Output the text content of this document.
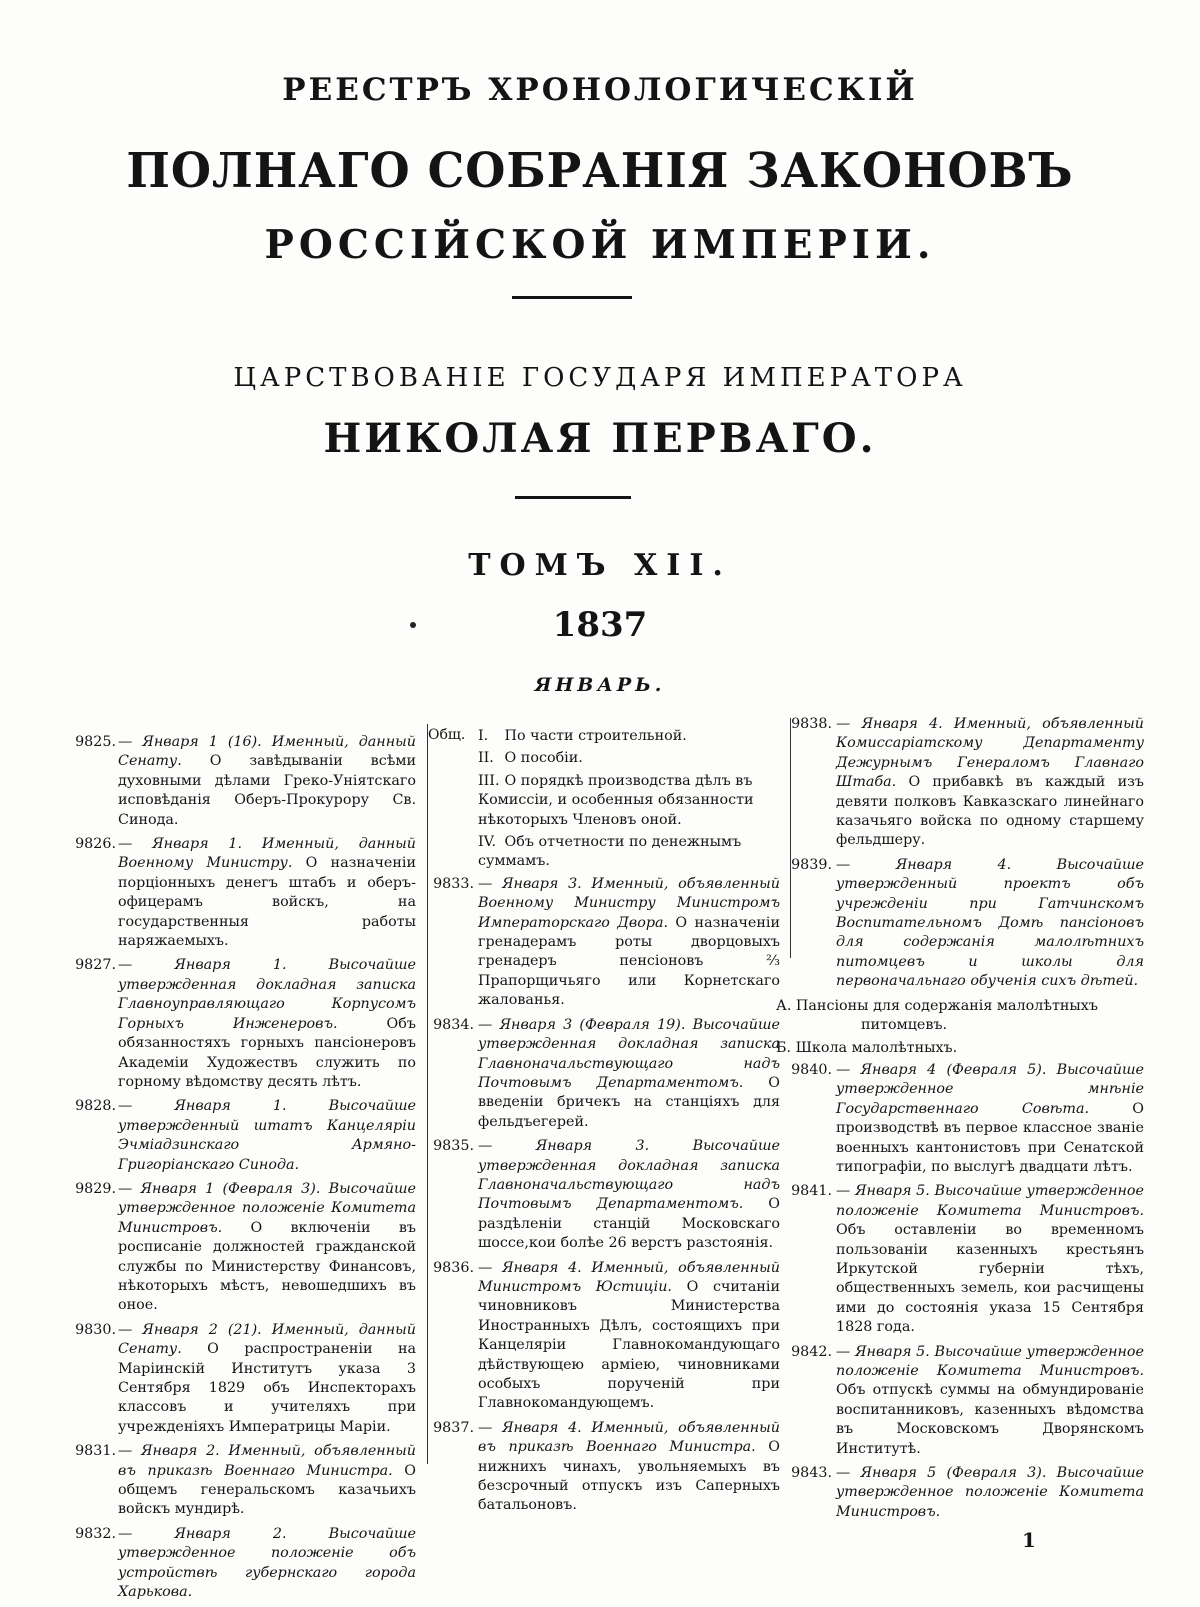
РЕЕСТРЪ ХРОНОЛОГИЧЕСКІЙ
ПОЛНАГО СОБРАНІЯ ЗАКОНОВЪ
РОССІЙСКОЙ ИМПЕРІИ.
ЦАРСТВОВАНІЕ ГОСУДАРЯ ИМПЕРАТОРА
НИКОЛАЯ ПЕРВАГО.
ТОМЪ XII.
1837
ЯНВАРЬ.
Общ.
9825. — Января 1 (16). Именный, данный Сенату. О завѣдываніи всѣми духовными дѣлами Греко-Уніятскаго исповѣданія Оберъ-Прокурору Св. Синода.
9826. — Января 1. Именный, данный Военному Министру. О назначеніи порціонныхъ денегъ штабъ и оберъ-офицерамъ войскъ, на государственныя работы наряжаемыхъ.
9827. — Января 1. Высочайше утвержденная докладная записка Главноуправляющаго Корпусомъ Горныхъ Инженеровъ. Объ обязанностяхъ горныхъ пансіонеровъ Академіи Художествъ служить по горному вѣдомству десять лѣтъ.
9828. — Января 1. Высочайше утвержденный штатъ Канцеляріи Эчміадзинскаго Армяно-Григоріанскаго Синода.
9829. — Января 1 (Февраля 3). Высочайше утвержденное положеніе Комитета Министровъ. О включеніи въ росписаніе должностей гражданской службы по Министерству Финансовъ, нѣкоторыхъ мѣстъ, невошедшихъ въ оное.
9830. — Января 2 (21). Именный, данный Сенату. О распространеніи на Маріинскій Институтъ указа 3 Сентября 1829 объ Инспекторахъ классовъ и учителяхъ при учрежденіяхъ Императрицы Маріи.
9831. — Января 2. Именный, объявленный въ приказѣ Военнаго Министра. О общемъ генеральскомъ казачьихъ войскъ мундирѣ.
9832. — Января 2. Высочайше утвержденное положеніе объ устройствѣ губернскаго города Харькова.
I. По части строительной.
II. О пособіи.
III. О порядкѣ производства дѣлъ въ Комиссіи, и особенныя обязанности нѣкоторыхъ Членовъ оной.
IV. Объ отчетности по денежнымъ суммамъ.
9833. — Января 3. Именный, объявленный Военному Министру Министромъ Императорскаго Двора. О назначеніи гренадерамъ роты дворцовыхъ гренадеръ пенсіоновъ ⅔ Прапорщичьяго или Корнетскаго жалованья.
9834. — Января 3 (Февраля 19). Высочайше утвержденная докладная записка Главноначальствующаго надъ Почтовымъ Департаментомъ. О введеніи бричекъ на станціяхъ для фельдъегерей.
9835. — Января 3. Высочайше утвержденная докладная записка Главноначальствующаго надъ Почтовымъ Департаментомъ. О раздѣленіи станцій Московскаго шоссе,кои болѣе 26 верстъ разстоянія.
9836. — Января 4. Именный, объявленный Министромъ Юстиціи. О считаніи чиновниковъ Министерства Иностранныхъ Дѣлъ, состоящихъ при Канцеляріи Главнокомандующаго дѣйствующею арміею, чиновниками особыхъ порученій при Главнокомандующемъ.
9837. — Января 4. Именный, объявленный въ приказѣ Военнаго Министра. О нижнихъ чинахъ, увольняемыхъ въ безсрочный отпускъ изъ Саперныхъ батальоновъ.
9838. — Января 4. Именный, объявленный Комиссаріатскому Департаменту Дежурнымъ Генераломъ Главнаго Штаба. О прибавкѣ въ каждый изъ девяти полковъ Кавказскаго линейнаго казачьяго войска по одному старшему фельдшеру.
9839. — Января 4. Высочайше утвержденный проектъ объ учрежденіи при Гатчинскомъ Воспитательномъ Домѣ пансіоновъ для содержанія малолѣтнихъ питомцевъ и школы для первоначальнаго обученія сихъ дѣтей.
А. Пансіоны для содержанія малолѣтныхъ питомцевъ.
Б. Школа малолѣтныхъ.
9840. — Января 4 (Февраля 5). Высочайше утвержденное мнѣніе Государственнаго Совѣта. О производствѣ въ первое классное званіе военныхъ кантонистовъ при Сенатской типографіи, по выслугѣ двадцати лѣтъ.
9841. — Января 5. Высочайше утвержденное положеніе Комитета Министровъ. Объ оставленіи во временномъ пользованіи казенныхъ крестьянъ Иркутской губерніи тѣхъ, общественныхъ земель, кои расчищены ими до состоянія указа 15 Сентября 1828 года.
9842. — Января 5. Высочайше утвержденное положеніе Комитета Министровъ. Объ отпускѣ суммы на обмундированіе воспитанниковъ, казенныхъ вѣдомства въ Московскомъ Дворянскомъ Институтѣ.
9843. — Января 5 (Февраля 3). Высочайше утвержденное положеніе Комитета Министровъ.
1
